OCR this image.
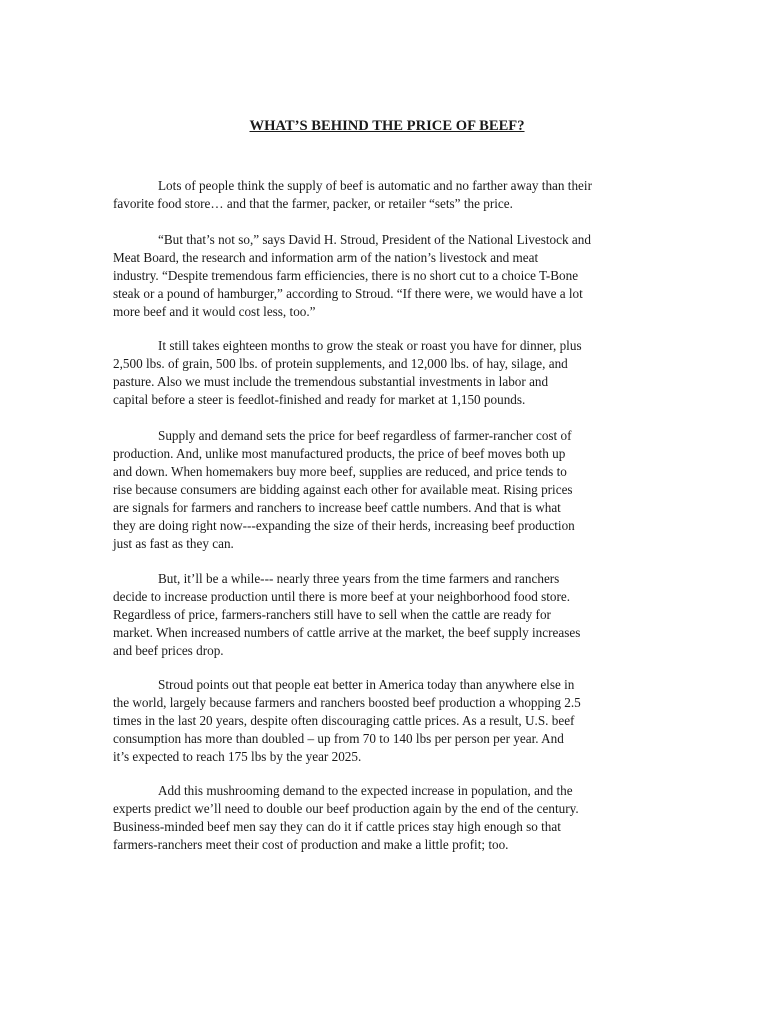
WHAT’S BEHIND THE PRICE OF BEEF?

Lots of people think the supply of beef is automatic and no farther away than their
favorite food store… and that the farmer, packer, or retailer “sets” the price.

“But that’s not so,” says David H. Stroud, President of the National Livestock and
Meat Board, the research and information arm of the nation’s livestock and meat
industry. “Despite tremendous farm efficiencies, there is no short cut to a choice T-Bone
steak or a pound of hamburger,” according to Stroud. “If there were, we would have a lot
more beef and it would cost less, too.”

It still takes eighteen months to grow the steak or roast you have for dinner, plus
2,500 lbs. of grain, 500 lbs. of protein supplements, and 12,000 lbs. of hay, silage, and
pasture. Also we must include the tremendous substantial investments in labor and
capital before a steer is feedlot-finished and ready for market at 1,150 pounds.

Supply and demand sets the price for beef regardless of farmer-rancher cost of
production. And, unlike most manufactured products, the price of beef moves both up
and down. When homemakers buy more beef, supplies are reduced, and price tends to
rise because consumers are bidding against each other for available meat. Rising prices
are signals for farmers and ranchers to increase beef cattle numbers. And that is what
they are doing right now---expanding the size of their herds, increasing beef production
just as fast as they can.

But, it’ll be a while--- nearly three years from the time farmers and ranchers
decide to increase production until there is more beef at your neighborhood food store.
Regardless of price, farmers-ranchers still have to sell when the cattle are ready for
market. When increased numbers of cattle arrive at the market, the beef supply increases
and beef prices drop.

Stroud points out that people eat better in America today than anywhere else in
the world, largely because farmers and ranchers boosted beef production a whopping 2.5
times in the last 20 years, despite often discouraging cattle prices. As a result, U.S. beef
consumption has more than doubled – up from 70 to 140 lbs per person per year. And
it’s expected to reach 175 lbs by the year 2025.

Add this mushrooming demand to the expected increase in population, and the
experts predict we’ll need to double our beef production again by the end of the century.
Business-minded beef men say they can do it if cattle prices stay high enough so that
farmers-ranchers meet their cost of production and make a little profit; too.
